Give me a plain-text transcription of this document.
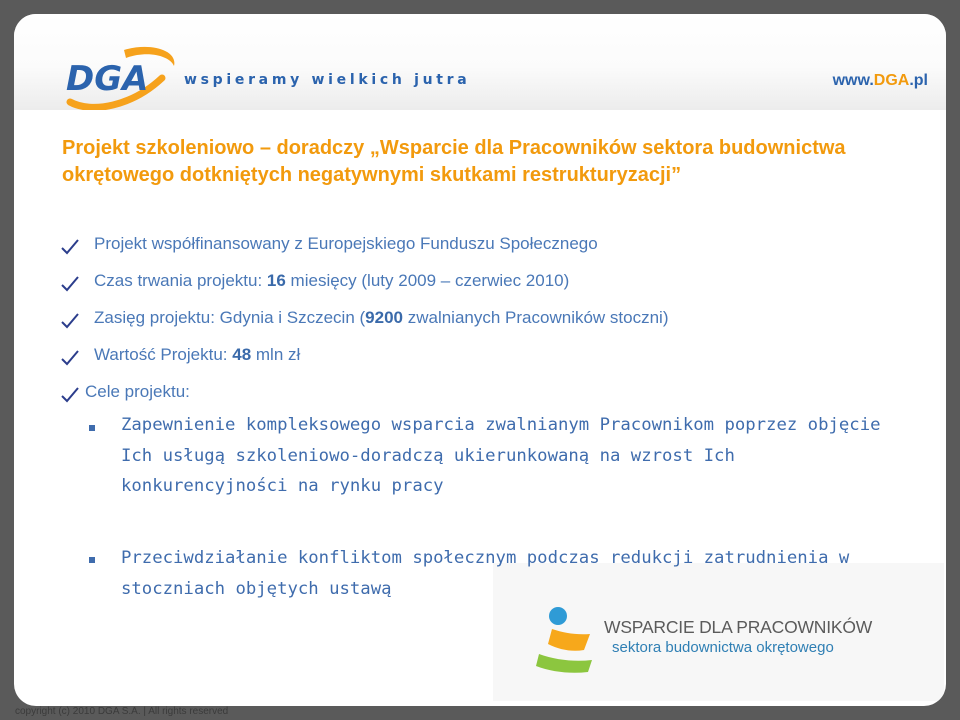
DGA	wspieramy wielkich jutra	www.DGA.pl
Projekt szkoleniowo – doradczy „Wsparcie dla Pracowników sektora budownictwa okrętowego dotkniętych negatywnymi skutkami restrukturyzacji”
Projekt współfinansowany z Europejskiego Funduszu Społecznego
Czas trwania projektu: 16 miesięcy (luty 2009 – czerwiec 2010)
Zasięg projektu: Gdynia i Szczecin (9200 zwalnianych Pracowników stoczni)
Wartość Projektu: 48 mln zł
Cele projektu:
Zapewnienie kompleksowego wsparcia zwalnianym Pracownikom poprzez objęcie Ich usługą szkoleniowo-doradczą ukierunkowaną na wzrost Ich konkurencyjności na rynku pracy
WSPARCIE DLA PRACOWNIKÓW
sektora budownictwa okrętowego
Przeciwdziałanie konfliktom społecznym podczas redukcji zatrudnienia w stoczniach objętych ustawą
copyright (c) 2010 DGA S.A. | All rights reserved
